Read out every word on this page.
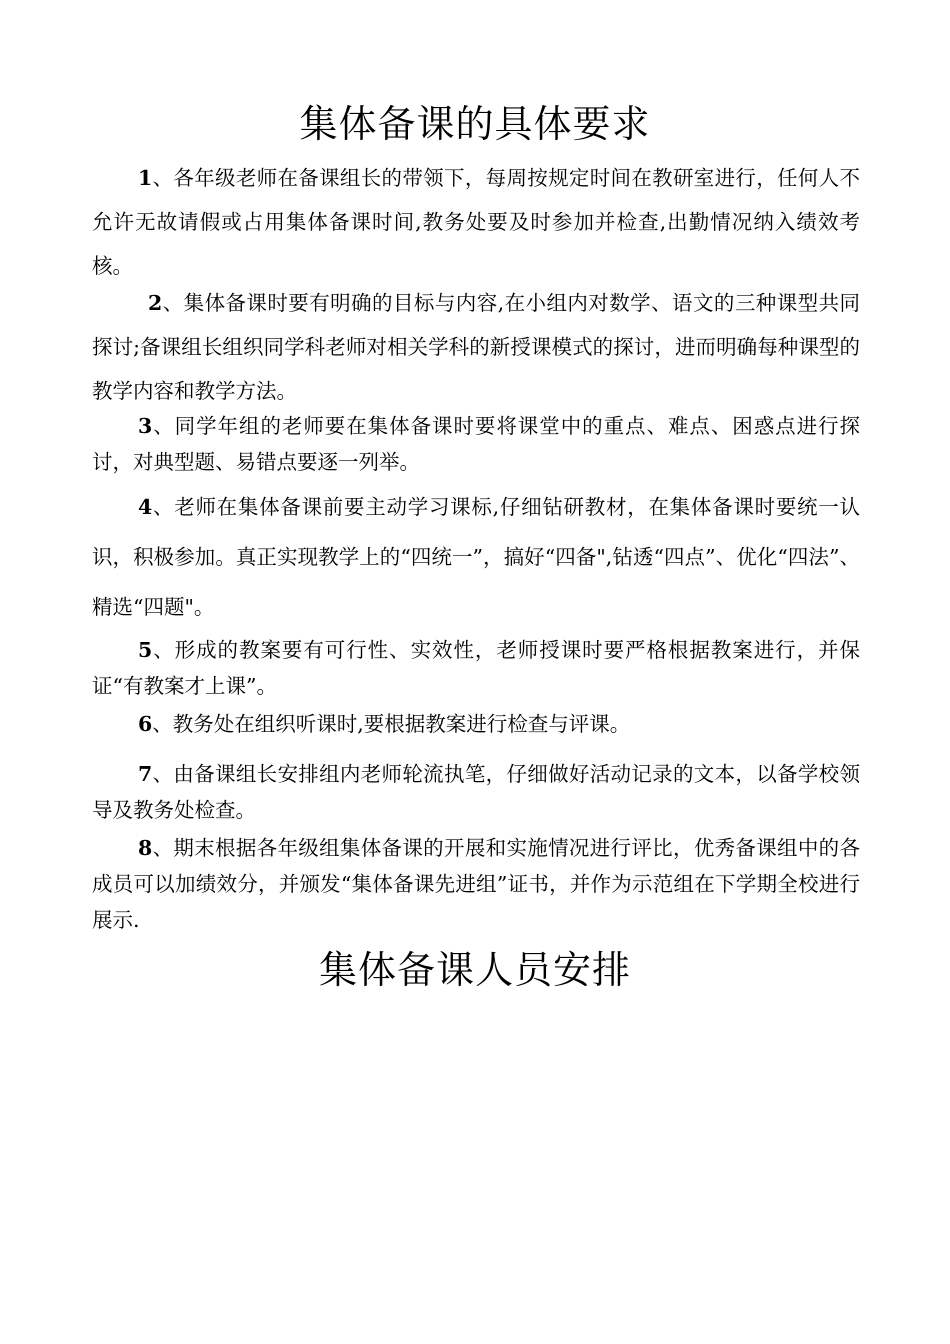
集体备课的具体要求

1、各年级老师在备课组长的带领下，每周按规定时间在教研室进行，任何人不允许无故请假或占用集体备课时间,教务处要及时参加并检查,出勤情况纳入绩效考核。

2、集体备课时要有明确的目标与内容,在小组内对数学、语文的三种课型共同探讨;备课组长组织同学科老师对相关学科的新授课模式的探讨，进而明确每种课型的教学内容和教学方法。

3、同学年组的老师要在集体备课时要将课堂中的重点、难点、困惑点进行探讨，对典型题、易错点要逐一列举。

4、老师在集体备课前要主动学习课标,仔细钻研教材，在集体备课时要统一认识，积极参加。真正实现教学上的“四统一”，搞好“四备",钻透“四点”、优化“四法”、精选“四题"。

5、形成的教案要有可行性、实效性，老师授课时要严格根据教案进行，并保证“有教案才上课”。

6、教务处在组织听课时,要根据教案进行检查与评课。

7、由备课组长安排组内老师轮流执笔，仔细做好活动记录的文本，以备学校领导及教务处检查。

8、期末根据各年级组集体备课的开展和实施情况进行评比，优秀备课组中的各成员可以加绩效分，并颁发“集体备课先进组”证书，并作为示范组在下学期全校进行展示.

集体备课人员安排
